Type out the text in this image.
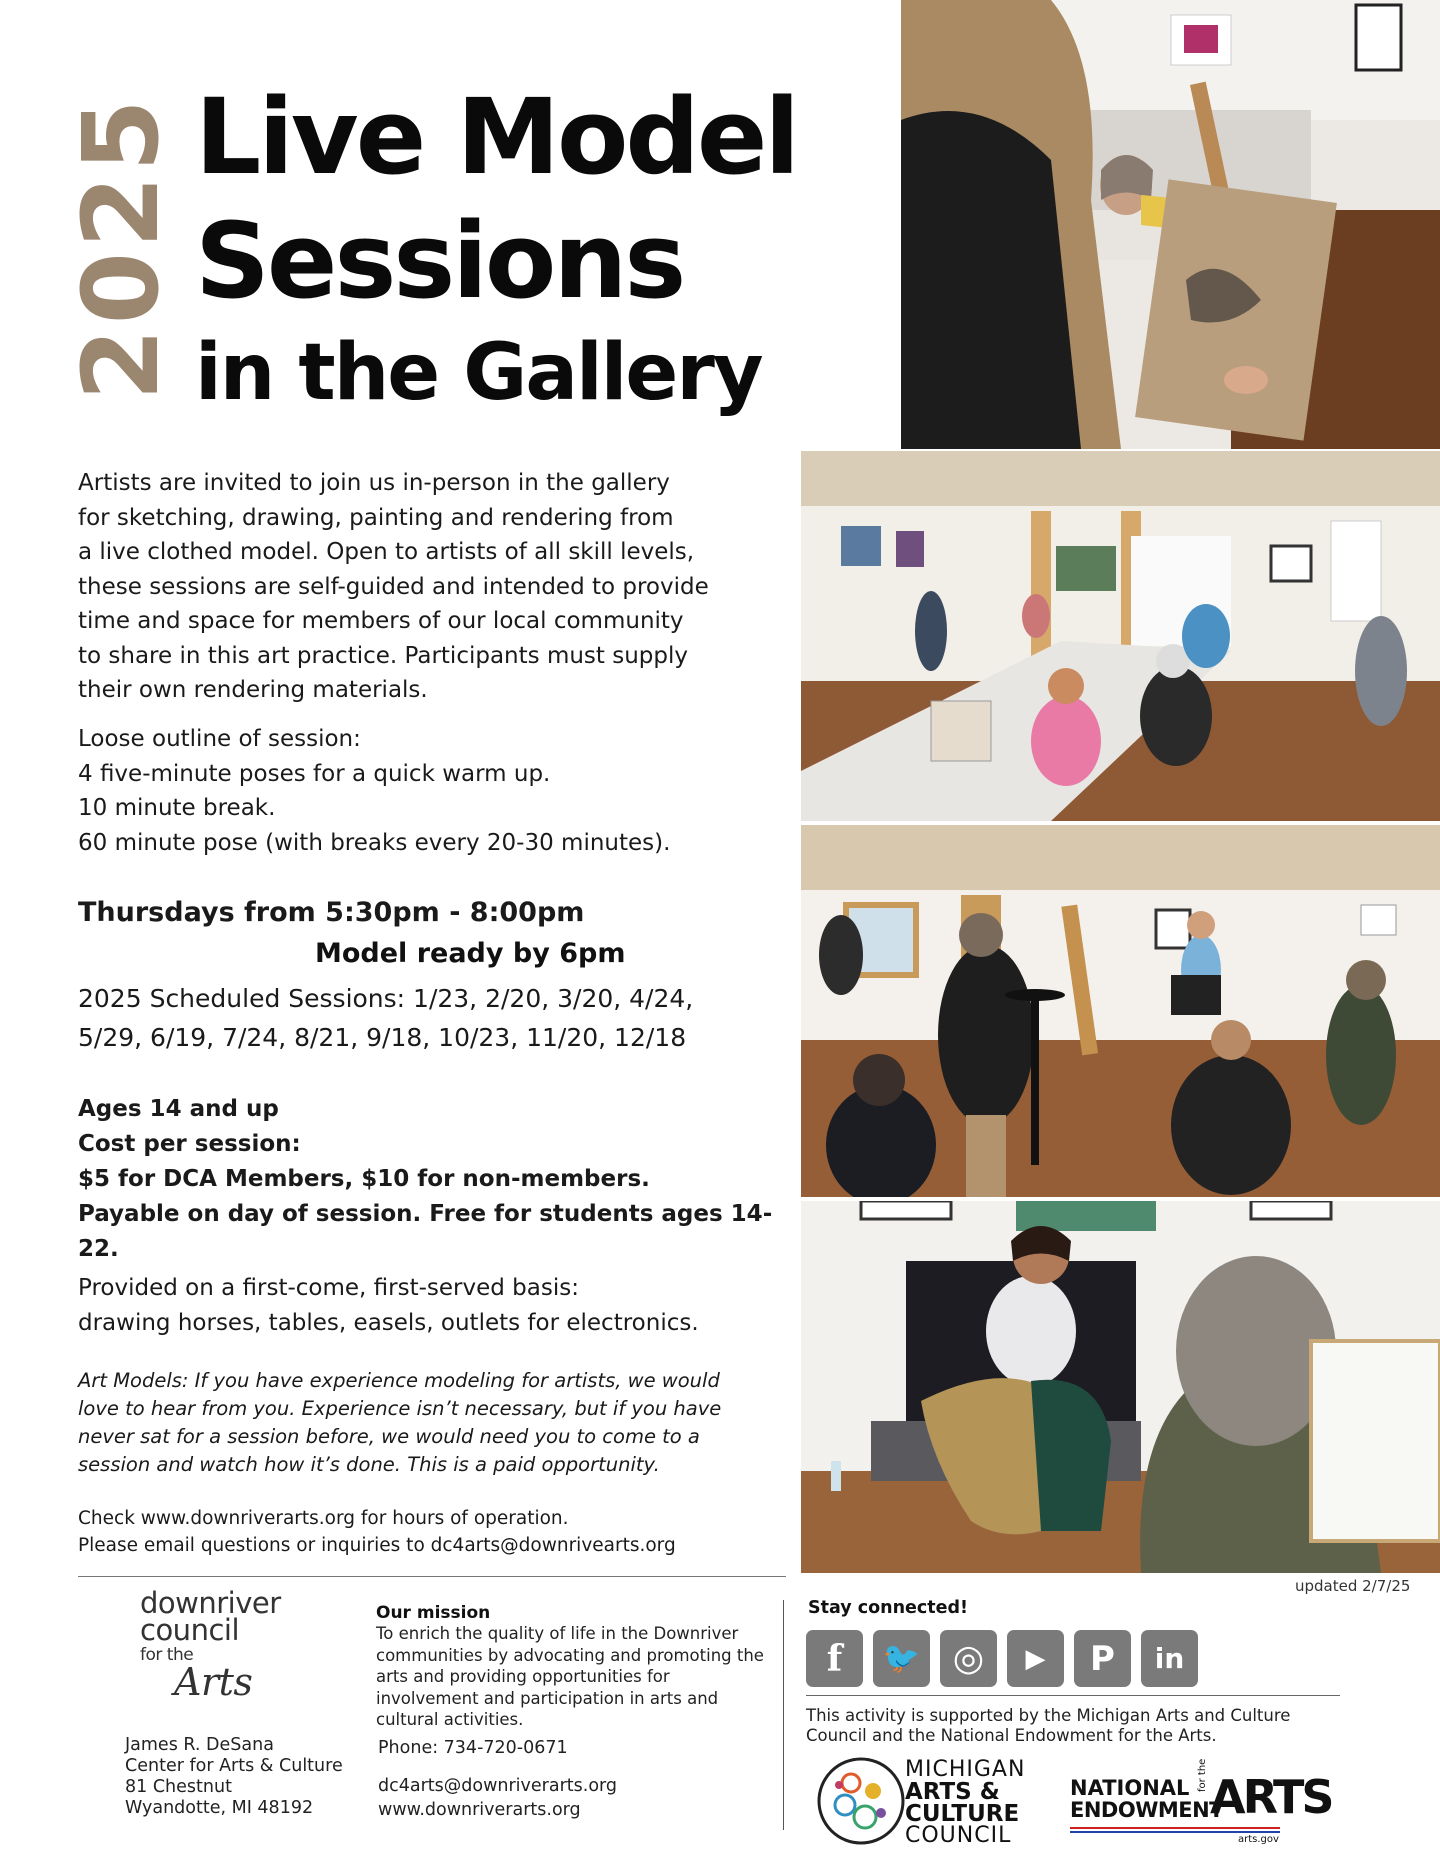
2025 Live Model
Sessions
in the Gallery

Artists are invited to join us in-person in the gallery

for sketching, drawing, painting and rendering from

a live clothed model. Open to artists of all skill levels,

these sessions are self-guided and intended to provide

time and space for members of our local community

to share in this art practice. Participants must supply

their own rendering materials.

Loose outline of session:

4 five-minute poses for a quick warm up.

10 minute break.

60 minute pose (with breaks every 20-30 minutes).

Thursdays from 5:30pm - 8:00pm
Model ready by 6pm

2025 Scheduled Sessions: 1/23, 2/20, 3/20, 4/24,

5/29, 6/19, 7/24, 8/21, 9/18, 10/23, 11/20, 12/18

Ages 14 and up

Cost per session:

$5 for DCA Members, $10 for non-members.

Payable on day of session. Free for students ages 14-22.

Provided on a first-come, first-served basis:

drawing horses, tables, easels, outlets for electronics.

Art Models: If you have experience modeling for artists, we would

love to hear from you. Experience isn’t necessary, but if you have

never sat for a session before, we would need you to come to a

session and watch how it’s done. This is a paid opportunity.

Check www.downriverarts.org for hours of operation.

Please email questions or inquiries to dc4arts@downrivearts.org

updated 2/7/25
downriver
council
for the
Arts

James R. DeSana

Center for Arts & Culture

81 Chestnut

Wyandotte, MI 48192

Our mission
To enrich the quality of life in the Downriver communities by advocating and promoting the arts and providing opportunities for involvement and participation in arts and cultural activities.
Phone: 734-720-0671
dc4arts@downriverarts.org
www.downriverarts.org
Stay connected!
f	🐦 ◎	▶	P	in
This activity is supported by the Michigan Arts and Culture Council and the National Endowment for the Arts.
MICHIGAN
ARTS &
CULTURE
COUNCIL
NATIONAL
ENDOWMENT
for the ARTS
arts.gov
